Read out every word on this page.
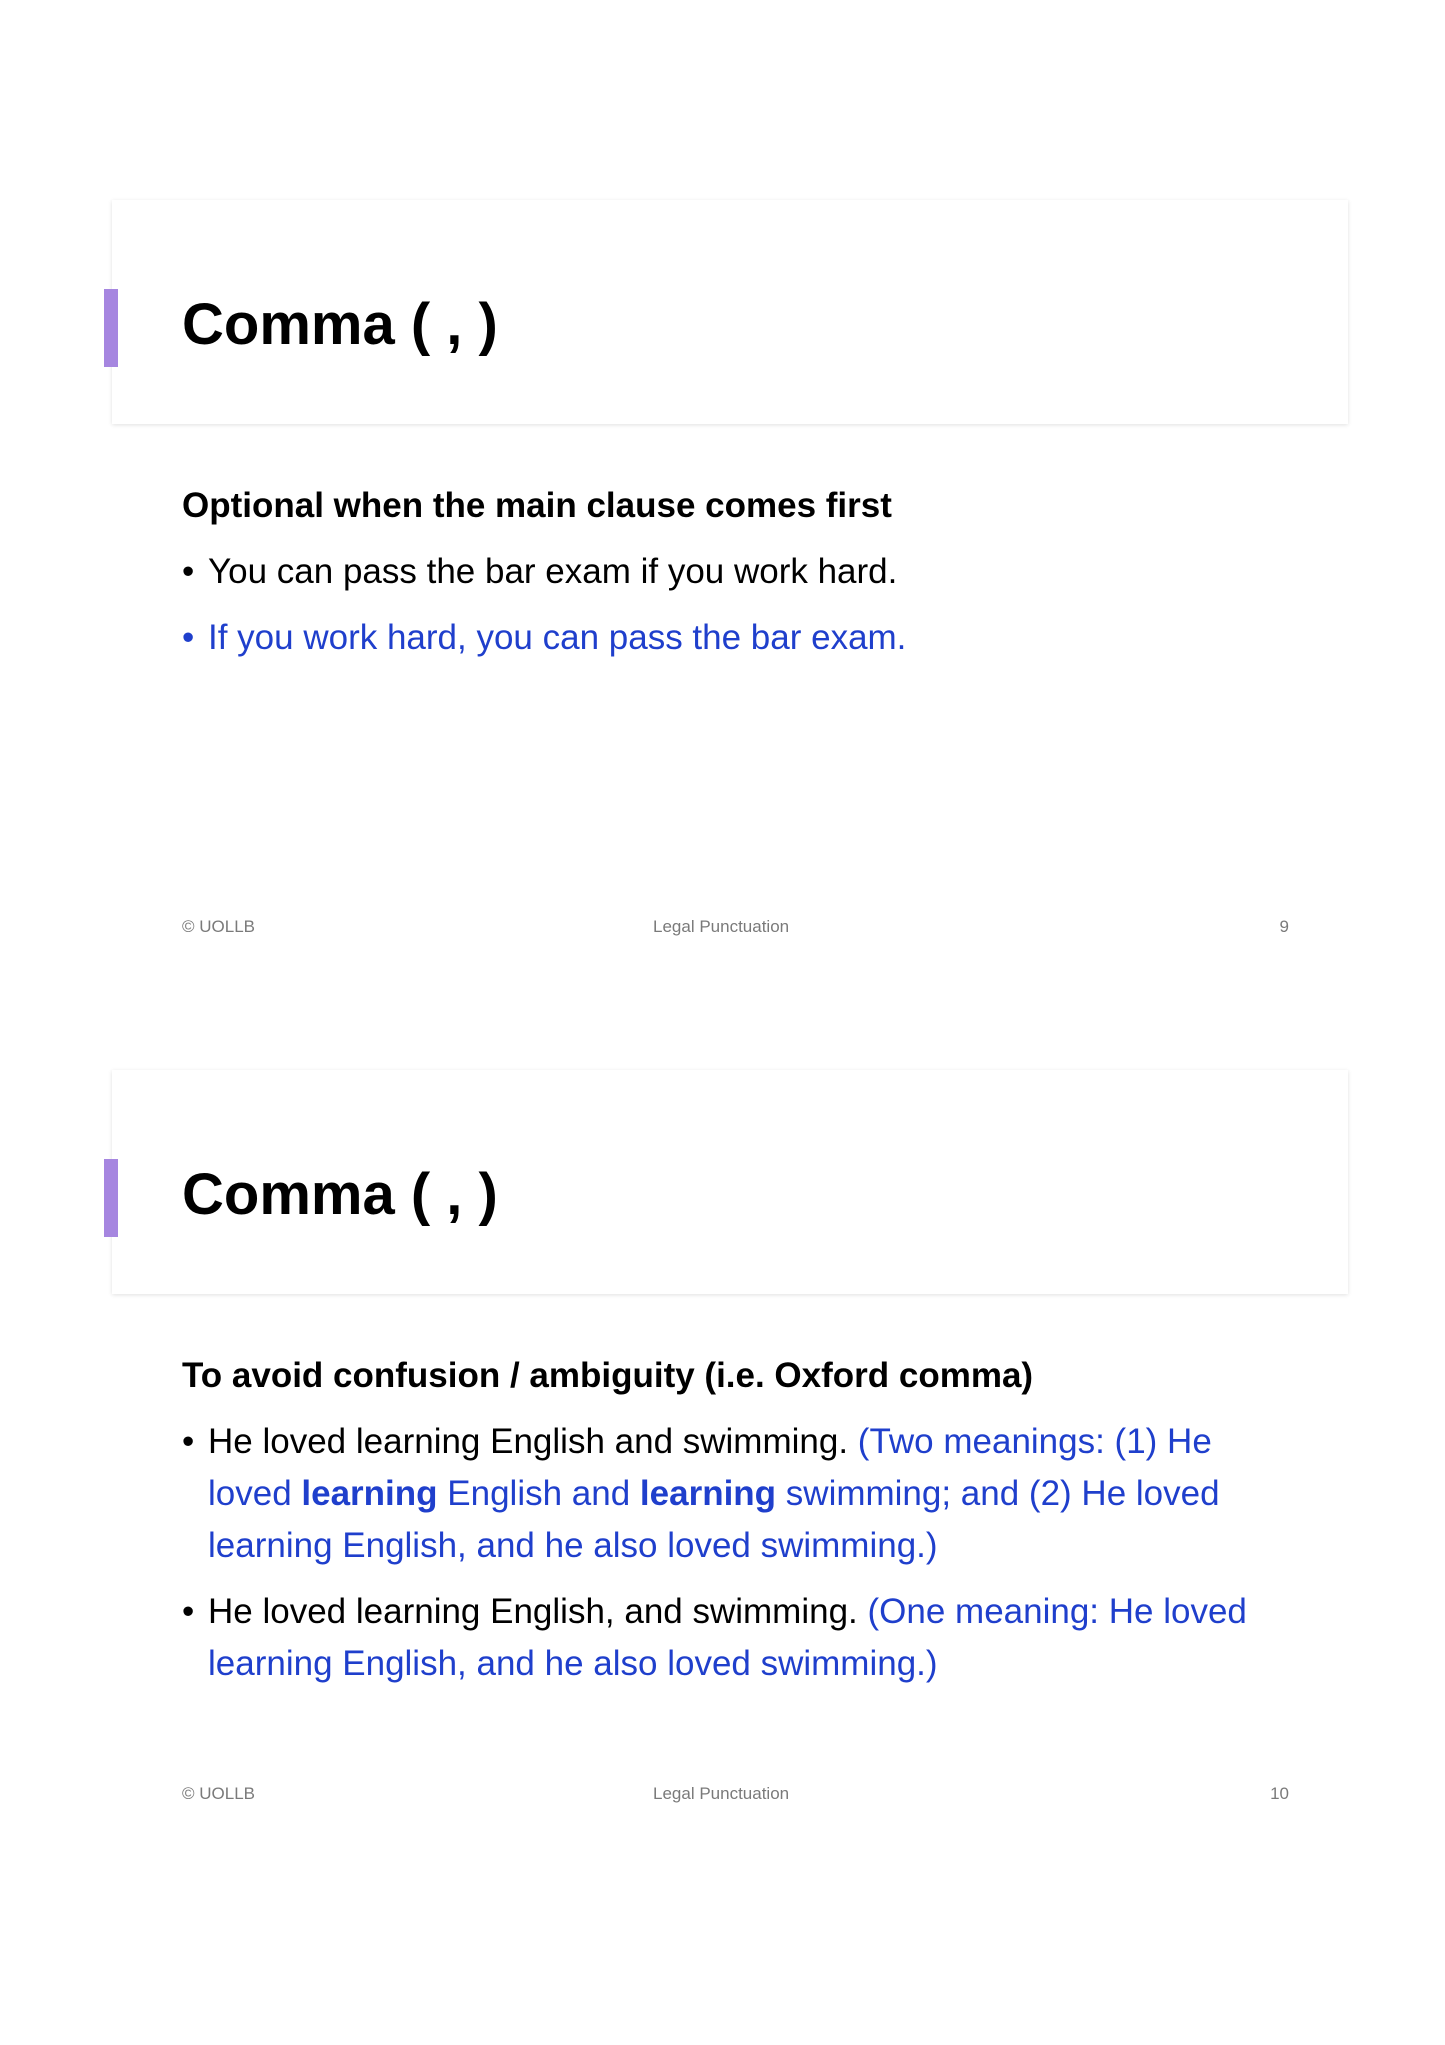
Comma ( , )

Optional when the main clause comes first

• You can pass the bar exam if you work hard.
• If you work hard, you can pass the bar exam.
© UOLLB	Legal Punctuation	9
Comma ( , )

To avoid confusion / ambiguity (i.e. Oxford comma)

• He loved learning English and swimming. (Two meanings: (1) He loved learning English and learning swimming; and (2) He loved learning English, and he also loved swimming.)
• He loved learning English, and swimming. (One meaning: He loved learning English, and he also loved swimming.)
© UOLLB	Legal Punctuation	10
